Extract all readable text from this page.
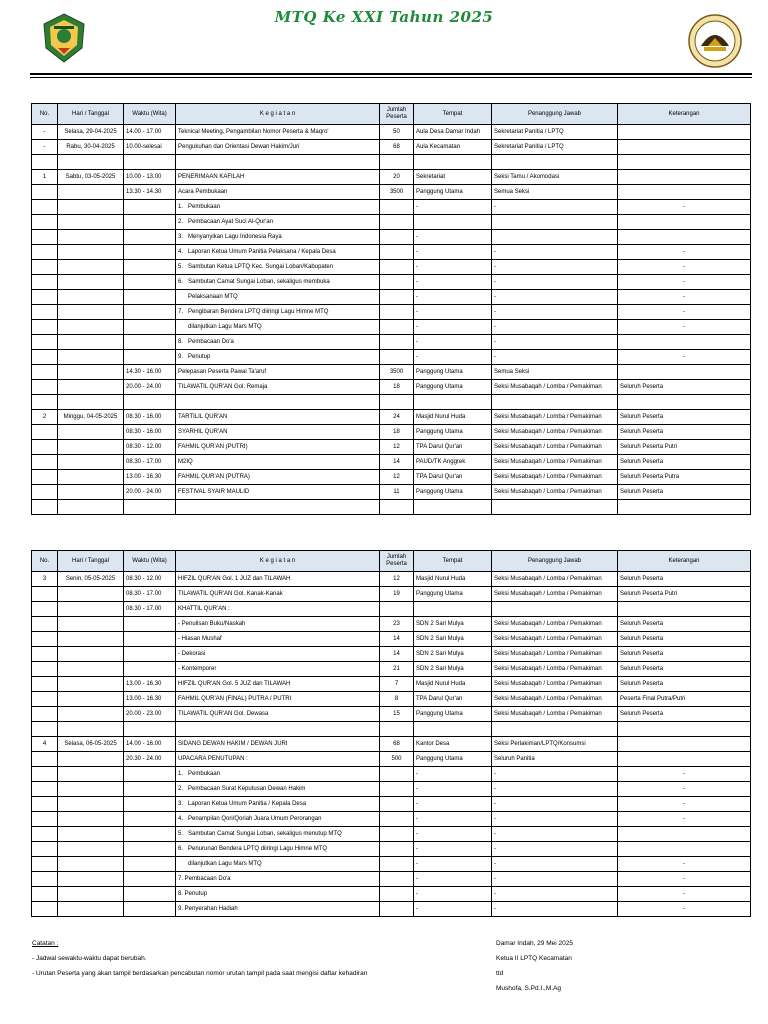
MTQ Ke XXI Tahun 2025
No.	Hari / Tanggal	Waktu (Wita)	K e g i a t a n	Jumlah Peserta	Tempat	Penanggung Jawab	Keterangan
-	Selasa, 29-04-2025	14.00 - 17.00	Teknical Meeting, Pengambilan Nomor Peserta & Maqro'	50	Aula Desa Damar Indah	Sekretariat Panitia / LPTQ	
-	Rabu, 30-04-2025	10.00-selesai	Pengukuhan dan Orientasi Dewan Hakim/Juri	68	Aula Kecamatan	Sekretariat Panitia / LPTQ	

1	Sabtu, 03-05-2025	10.00 - 13.00	PENERIMAAN KAFILAH	20	Sekretariat	Seksi Tamu / Akomodasi	
		13.30 - 14.30	Acara Pembukaan	3500	Panggung Utama	Semua Seksi	
			1.   Pembukaan		-	-	-
			2.   Pembacaan Ayat Suci Al-Qur'an				
			3.   Menyanyikan Lagu Indonesia Raya		-		
			4.   Laporan Ketua Umum Panitia Pelaksana / Kepala Desa		-	-	-
			5.   Sambutan Ketua LPTQ Kec. Sungai Loban/Kabupaten		-	-	-
			6.   Sambutan Camat Sungai Loban, sekaligus membuka		-	-	-
			Pelaksanaan MTQ		-	-	-
			7.   Pengibaran Bendera LPTQ diiringi Lagu Himne MTQ		-	-	-
			dilanjutkan Lagu Mars MTQ		-	-	-
			8.   Pembacaan Do'a		-	-	
			9.   Penutup		-	-	-
		14.30 - 16.00	Pelepasan Peserta Pawai Ta'aruf	3500	Panggung Utama	Semua Seksi	
		20.00 - 24.00	TILAWATIL QUR'AN Gol. Remaja	18	Panggung Utama	Seksi Musabaqah / Lomba / Pemakiman	Seluruh Peserta

2	Minggu, 04-05-2025	08.30 - 16.00	TARTILIL QUR'AN	24	Masjid Nurul Huda	Seksi Musabaqah / Lomba / Pemakiman	Seluruh Peserta
		08.30 - 16.00	SYARHIL QUR'AN	18	Panggung Utama	Seksi Musabaqah / Lomba / Pemakiman	Seluruh Peserta
		08.30 - 12.00	FAHMIL QUR'AN (PUTRI)	12	TPA Darul Qur'an	Seksi Musabaqah / Lomba / Pemakiman	Seluruh Peserta Putri
		08.30 - 17.00	M2IQ	14	PAUD/TK Anggrek	Seksi Musabaqah / Lomba / Pemakiman	Seluruh Peserta
		13.00 - 16.30	FAHMIL QUR'AN (PUTRA)	12	TPA Darul Qur'an	Seksi Musabaqah / Lomba / Pemakiman	Seluruh Peserta Putra
		20.00 - 24.00	FESTIVAL SYAIR MAULID	11	Panggung Utama	Seksi Musabaqah / Lomba / Pemakiman	Seluruh Peserta

No.	Hari / Tanggal	Waktu (Wita)	K e g i a t a n	Jumlah Peserta	Tempat	Penanggung Jawab	Keterangan
3	Senin, 05-05-2025	08.30 - 12.00	HIFZIL QUR'AN Gol. 1 JUZ dan TILAWAH	12	Masjid Nurul Huda	Seksi Musabaqah / Lomba / Pemakiman	Seluruh Peserta
		08.30 - 17.00	TILAWATIL QUR'AN Gol. Kanak-Kanak	19	Panggung Utama	Seksi Musabaqah / Lomba / Pemakiman	Seluruh Peserta Putri
		08.30 - 17.00	KHATTIL QUR'AN :				
			- Penulisan Buku/Naskah	23	SDN 2 Sari Mulya	Seksi Musabaqah / Lomba / Pemakiman	Seluruh Peserta
			- Hiasan Mushaf	14	SDN 2 Sari Mulya	Seksi Musabaqah / Lomba / Pemakiman	Seluruh Peserta
			- Dekorasi	14	SDN 2 Sari Mulya	Seksi Musabaqah / Lomba / Pemakiman	Seluruh Peserta
			- Kontemporer	21	SDN 2 Sari Mulya	Seksi Musabaqah / Lomba / Pemakiman	Seluruh Peserta
		13.00 - 16.30	HIFZIL QUR'AN Gol. 5 JUZ dan TILAWAH	7	Masjid Nurul Huda	Seksi Musabaqah / Lomba / Pemakiman	Seluruh Peserta
		13.00 - 16.30	FAHMIL QUR'AN (FINAL) PUTRA / PUTRI	8	TPA Darul Qur'an	Seksi Musabaqah / Lomba / Pemakiman	Peserta Final Putra/Putri
		20.00 - 23.00	TILAWATIL QUR'AN Gol. Dewasa	15	Panggung Utama	Seksi Musabaqah / Lomba / Pemakiman	Seluruh Peserta

4	Selasa, 06-05-2025	14.00 - 16.00	SIDANG DEWAN HAKIM / DEWAN JURI	68	Kantor Desa	Seksi Perlakiman/LPTQ/Konsumsi	
		20.30 - 24.00	UPACARA PENUTUPAN :	500	Panggung Utama	Seluruh Panitia	
			1.   Pembukaan		-	-	-
			2.   Pembacaan Surat Keputusan Dewan Hakim		-	-	-
			3.   Laporan Ketua Umum Panitia / Kepala Desa		-	-	-
			4.   Penampilan Qori/Qoriah Juara Umum Perorangan		-	-	-
			5.   Sambutan Camat Sungai Loban, sekaligus menutup MTQ		-	-	
			6.   Penurunan Bendera LPTQ diiringi Lagu Himne MTQ		-	-	
			dilanjutkan Lagu Mars MTQ		-	-	-
			7. Pembacaan Do'a		-	-	-
			8. Penutup		-	-	-
			9. Penyerahan Hadiah		-	-	-
Catatan :
- Jadwal sewaktu-waktu dapat berubah.
- Urutan Peserta yang akan tampil berdasarkan pencabutan nomor urutan tampil pada saat mengisi daftar kehadiran
Damar Indah, 29 Mei 2025
Ketua II LPTQ Kecamatan
ttd
Mushofa, S.Pd.I.,M.Ag
